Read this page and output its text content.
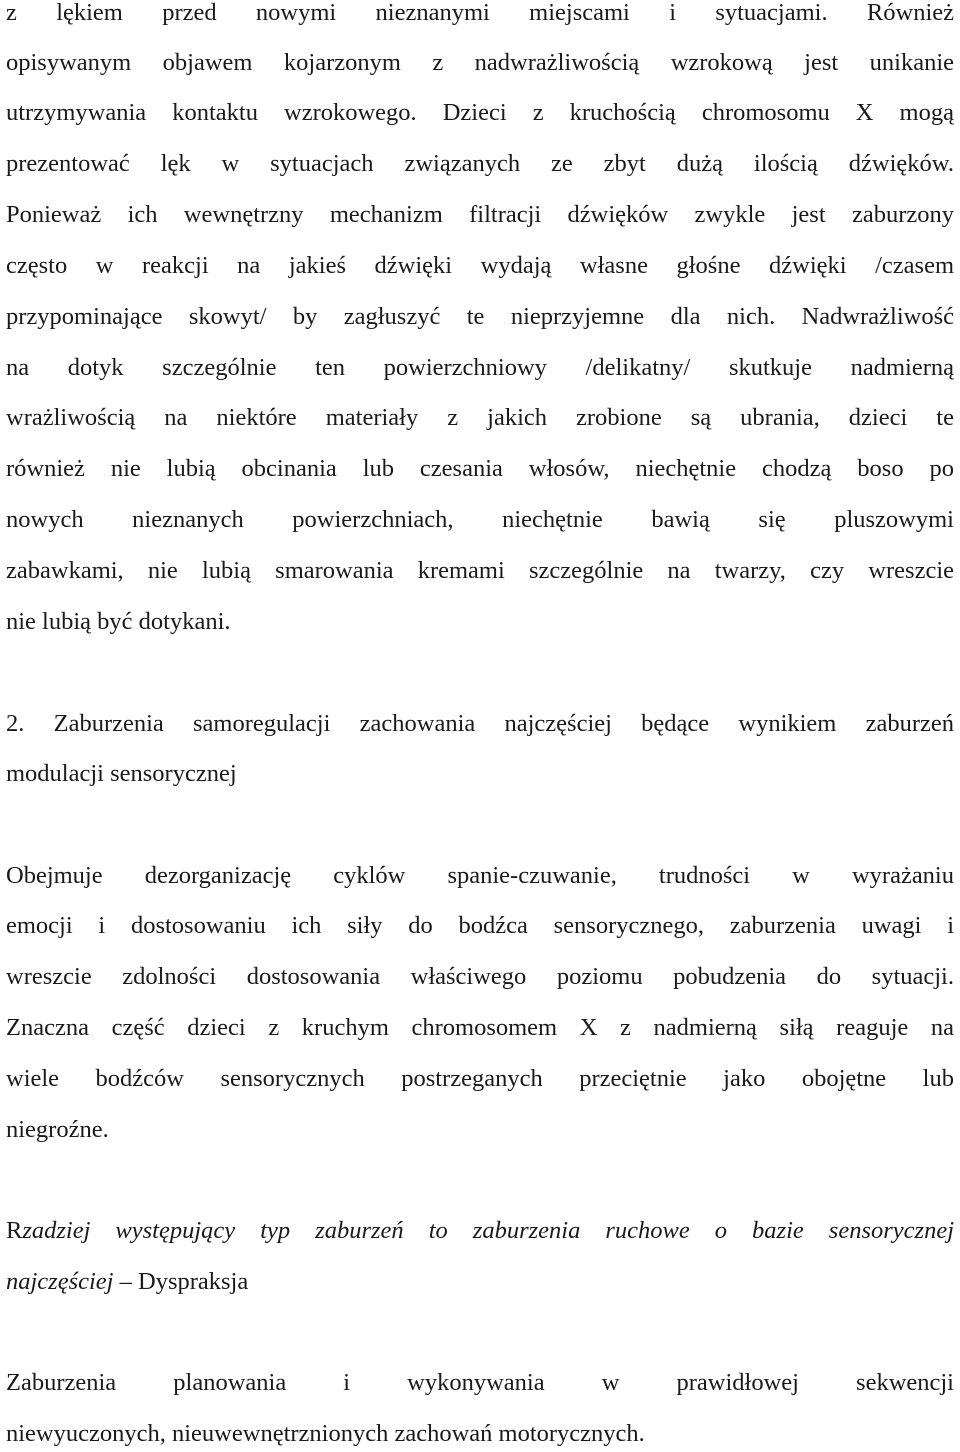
z lękiem przed nowymi nieznanymi miejscami i sytuacjami. Również
opisywanym objawem kojarzonym z nadwrażliwością wzrokową jest unikanie
utrzymywania kontaktu wzrokowego. Dzieci z kruchością chromosomu X mogą
prezentować lęk w sytuacjach związanych ze zbyt dużą ilością dźwięków.
Ponieważ ich wewnętrzny mechanizm filtracji dźwięków zwykle jest zaburzony
często w reakcji na jakieś dźwięki wydają własne głośne dźwięki /czasem
przypominające skowyt/ by zagłuszyć te nieprzyjemne dla nich. Nadwrażliwość
na dotyk szczególnie ten powierzchniowy /delikatny/ skutkuje nadmierną
wrażliwością na niektóre materiały z jakich zrobione są ubrania, dzieci te
również nie lubią obcinania lub czesania włosów, niechętnie chodzą boso po
nowych nieznanych powierzchniach, niechętnie bawią się pluszowymi
zabawkami, nie lubią smarowania kremami szczególnie na twarzy, czy wreszcie
nie lubią być dotykani.
2. Zaburzenia samoregulacji zachowania najczęściej będące wynikiem zaburzeń
modulacji sensorycznej
Obejmuje dezorganizację cyklów spanie-czuwanie, trudności w wyrażaniu
emocji i dostosowaniu ich siły do bodźca sensorycznego, zaburzenia uwagi i
wreszcie zdolności dostosowania właściwego poziomu pobudzenia do sytuacji.
Znaczna część dzieci z kruchym chromosomem X z nadmierną siłą reaguje na
wiele bodźców sensorycznych postrzeganych przeciętnie jako obojętne lub
niegroźne.
Rzadziej występujący typ zaburzeń to zaburzenia ruchowe o bazie sensorycznej
najczęściej – Dyspraksja
Zaburzenia planowania i wykonywania w prawidłowej sekwencji
niewyuczonych, nieuwewnętrznionych zachowań motorycznych.
